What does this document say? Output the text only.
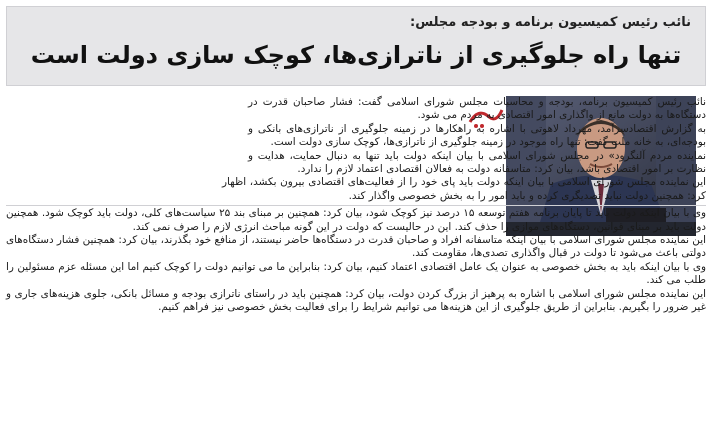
نائب رئیس کمیسیون برنامه و بودجه مجلس:
تنها راه جلوگیری از ناترازی‌ها، کوچک سازی دولت است

نائب رئیس کمیسیون برنامه، بودجه و محاسبات مجلس شورای اسلامی گفت: فشار صاحبان قدرت در دستگاه‌ها به دولت مانع از واگذاری امور اقتصادی به مردم می شود.

به گزارش اقتصادسرآمد، مهرداد لاهوتی با اشاره به راهکارها در زمینه جلوگیری از ناترازی‌های بانکی و بودجه‌ای، به خانه ملت گفت: تنها راه موجود در زمینه جلوگیری از ناترازی‌ها، کوچک سازی دولت است.

نماینده مردم آلنگرود» در مجلس شورای اسلامی با بیان اینکه دولت باید تنها به دنبال حمایت، هدایت و نظارت بر امور اقتصادی باشد، بیان کرد: متاسفانه دولت به فعالان اقتصادی اعتماد لازم را ندارد.

این نماینده مجلس شورای اسلامی با بیان اینکه دولت باید پای خود را از فعالیت‌های اقتصادی بیرون بکشد، اظهار کرد: همچنین دولت نباید تصدیگری کرده و باید امور را به بخش خصوصی واگذار کند.

وی با بیان اینکه دولت باید تا پایان برنامه هفتم توسعه ۱۵ درصد نیز کوچک شود، بیان کرد: همچنین بر مبنای بند ۲۵ سیاست‌های کلی، دولت باید کوچک شود. همچنین دولت باید بر مبنای قوانین، دستگاه‌های موازی را حذف کند. این در حالیست که دولت در این گونه مباحث انرژی لازم را صرف نمی کند.

این نماینده مجلس شورای اسلامی با بیان اینکه متاسفانه افراد و صاحبان قدرت در دستگاه‌ها حاضر نیستند، از منافع خود بگذرند، بیان کرد: همچنین فشار دستگاه‌های دولتی باعث می‌شود تا دولت در قبال واگذاری تصدی‌ها، مقاومت کند.

وی با بیان اینکه باید به بخش خصوصی به عنوان یک عامل اقتصادی اعتماد کنیم، بیان کرد: بنابراین ما می توانیم دولت را کوچک کنیم اما این مسئله عزم مسئولین را طلب می کند.

این نماینده مجلس شورای اسلامی با اشاره به پرهیز از بزرگ کردن دولت، بیان کرد: همچنین باید در راستای ناترازی بودجه و مسائل بانکی، جلوی هزینه‌های جاری و غیر ضرور را بگیریم. بنابراین از طریق جلوگیری از این هزینه‌ها می توانیم شرایط را برای فعالیت بخش خصوصی نیز فراهم کنیم.
